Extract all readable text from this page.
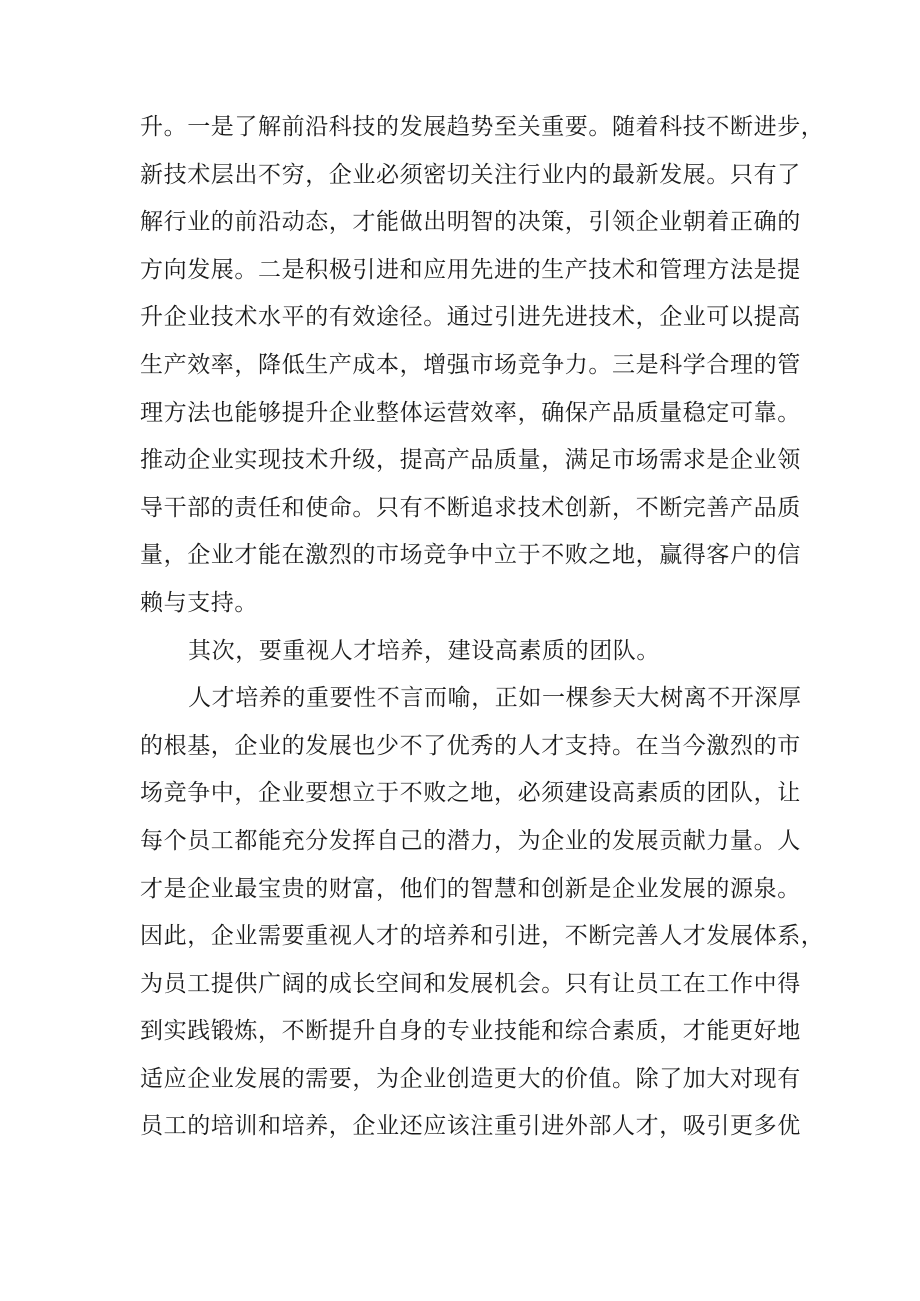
升。一是了解前沿科技的发展趋势至关重要。随着科技不断进步，
新技术层出不穷，企业必须密切关注行业内的最新发展。只有了
解行业的前沿动态，才能做出明智的决策，引领企业朝着正确的
方向发展。二是积极引进和应用先进的生产技术和管理方法是提
升企业技术水平的有效途径。通过引进先进技术，企业可以提高
生产效率，降低生产成本，增强市场竞争力。三是科学合理的管
理方法也能够提升企业整体运营效率，确保产品质量稳定可靠。
推动企业实现技术升级，提高产品质量，满足市场需求是企业领
导干部的责任和使命。只有不断追求技术创新，不断完善产品质
量，企业才能在激烈的市场竞争中立于不败之地，赢得客户的信
赖与支持。
其次，要重视人才培养，建设高素质的团队。
人才培养的重要性不言而喻，正如一棵参天大树离不开深厚
的根基，企业的发展也少不了优秀的人才支持。在当今激烈的市
场竞争中，企业要想立于不败之地，必须建设高素质的团队，让
每个员工都能充分发挥自己的潜力，为企业的发展贡献力量。人
才是企业最宝贵的财富，他们的智慧和创新是企业发展的源泉。
因此，企业需要重视人才的培养和引进，不断完善人才发展体系，
为员工提供广阔的成长空间和发展机会。只有让员工在工作中得
到实践锻炼，不断提升自身的专业技能和综合素质，才能更好地
适应企业发展的需要，为企业创造更大的价值。除了加大对现有
员工的培训和培养，企业还应该注重引进外部人才，吸引更多优
